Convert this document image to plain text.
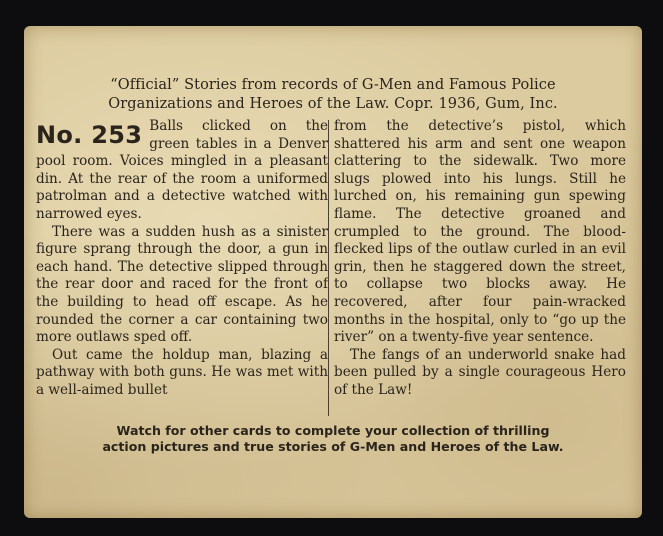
“Official” Stories from records of G-Men and Famous Police
Organizations and Heroes of the Law. Copr. 1936, Gum, Inc.
No. 253 Balls clicked on the green tables in a Denver pool room. Voices mingled in a pleasant din. At the rear of the room a uniformed patrolman and a detective watched with narrowed eyes.

There was a sudden hush as a sinister figure sprang through the door, a gun in each hand. The detective slipped through the rear door and raced for the front of the building to head off escape. As he rounded the corner a car containing two more outlaws sped off.

Out came the holdup man, blazing a pathway with both guns. He was met with a well-aimed bullet

from the detective’s pistol, which shattered his arm and sent one weapon clattering to the sidewalk. Two more slugs plowed into his lungs. Still he lurched on, his remaining gun spewing flame. The detective groaned and crumpled to the ground. The blood-flecked lips of the outlaw curled in an evil grin, then he staggered down the street, to collapse two blocks away. He recovered, after four pain-wracked months in the hospital, only to “go up the river” on a twenty-five year sentence.

The fangs of an underworld snake had been pulled by a single courageous Hero of the Law!

Watch for other cards to complete your collection of thrilling
action pictures and true stories of G-Men and Heroes of the Law.
